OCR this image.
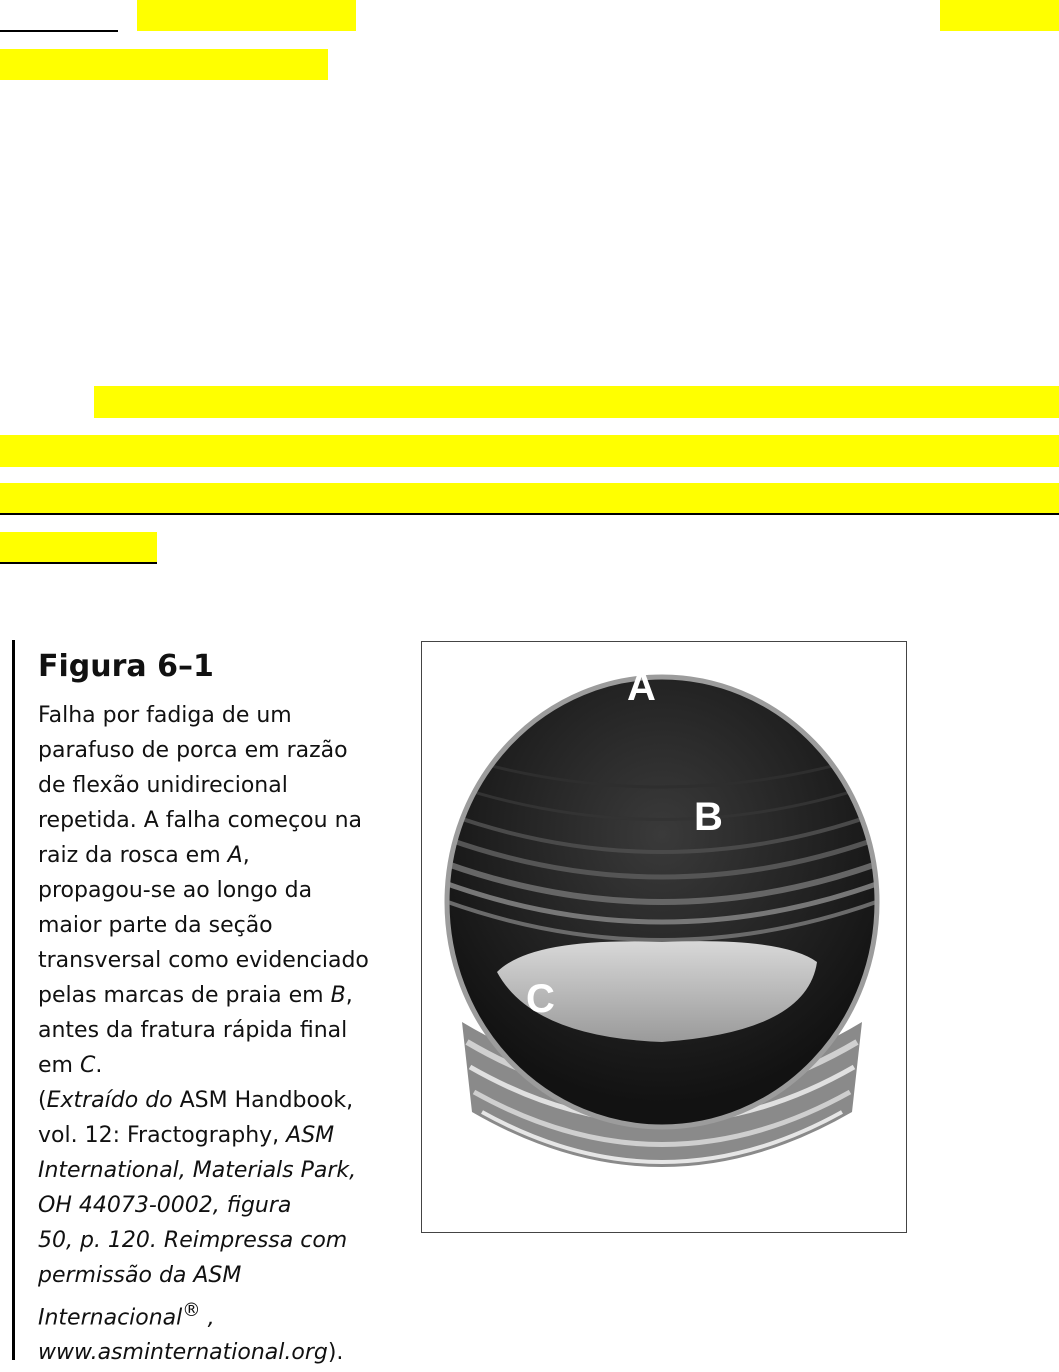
Figura 6–1

Falha por fadiga de um
parafuso de porca em razão
de flexão unidirecional
repetida. A falha começou na
raiz da rosca em A,
propagou-se ao longo da
maior parte da seção
transversal como evidenciado
pelas marcas de praia em B,
antes da fratura rápida final
em C.
(Extraído do ASM Handbook,
vol. 12: Fractography, ASM
International, Materials Park,
OH 44073-0002, figura
50, p. 120. Reimpressa com
permissão da ASM
Internacional® ,
www.asminternational.org).

A
B
C
